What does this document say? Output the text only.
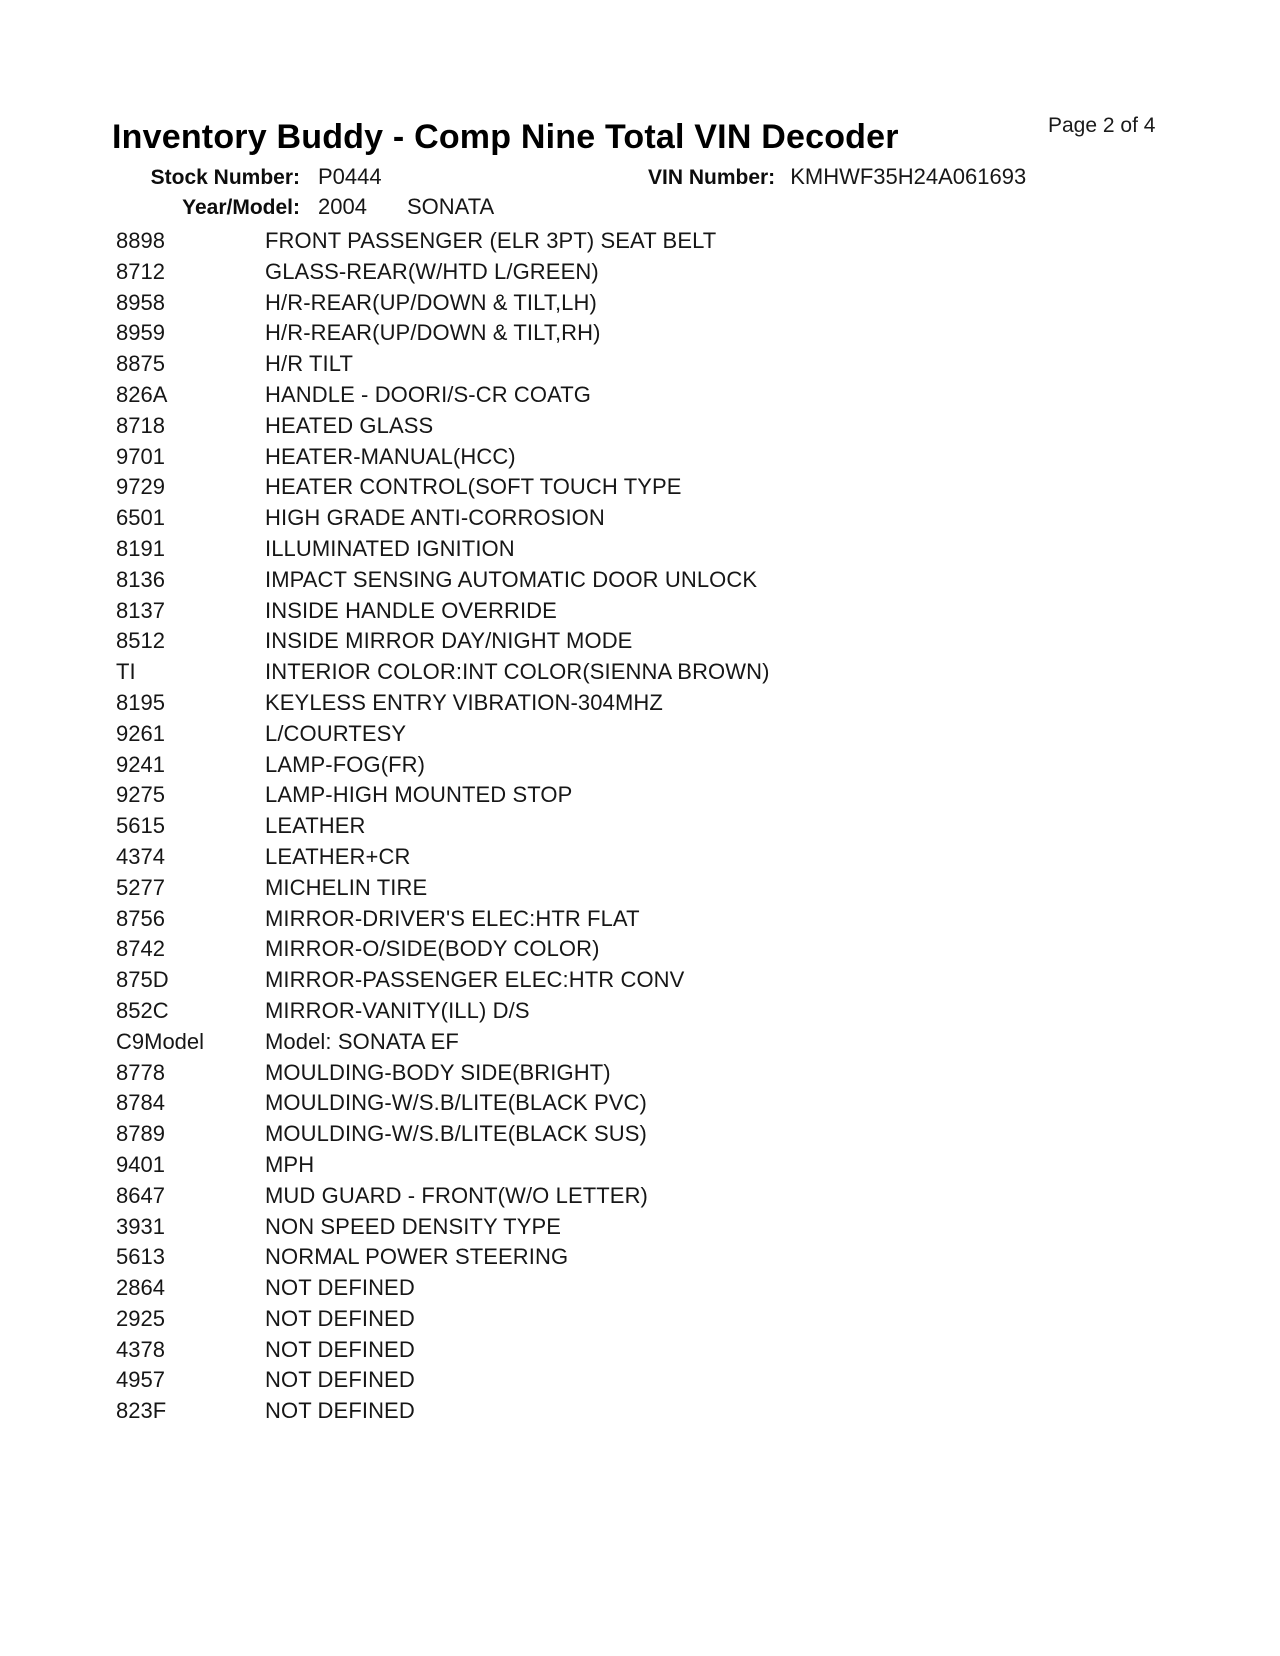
Inventory Buddy - Comp Nine Total VIN Decoder	Page 2 of 4
Stock Number: P0444	VIN Number: KMHWF35H24A061693
Year/Model: 2004 SONATA
8898	FRONT PASSENGER (ELR 3PT) SEAT BELT
8712	GLASS-REAR(W/HTD L/GREEN)
8958	H/R-REAR(UP/DOWN & TILT,LH)
8959	H/R-REAR(UP/DOWN & TILT,RH)
8875	H/R TILT
826A	HANDLE - DOORI/S-CR COATG
8718	HEATED GLASS
9701	HEATER-MANUAL(HCC)
9729	HEATER CONTROL(SOFT TOUCH TYPE
6501	HIGH GRADE ANTI-CORROSION
8191	ILLUMINATED IGNITION
8136	IMPACT SENSING AUTOMATIC DOOR UNLOCK
8137	INSIDE HANDLE OVERRIDE
8512	INSIDE MIRROR DAY/NIGHT MODE
TI	INTERIOR COLOR:INT COLOR(SIENNA BROWN)
8195	KEYLESS ENTRY VIBRATION-304MHZ
9261	L/COURTESY
9241	LAMP-FOG(FR)
9275	LAMP-HIGH MOUNTED STOP
5615	LEATHER
4374	LEATHER+CR
5277	MICHELIN TIRE
8756	MIRROR-DRIVER'S ELEC:HTR FLAT
8742	MIRROR-O/SIDE(BODY COLOR)
875D	MIRROR-PASSENGER ELEC:HTR CONV
852C	MIRROR-VANITY(ILL) D/S
C9Model	Model: SONATA EF
8778	MOULDING-BODY SIDE(BRIGHT)
8784	MOULDING-W/S.B/LITE(BLACK PVC)
8789	MOULDING-W/S.B/LITE(BLACK SUS)
9401	MPH
8647	MUD GUARD - FRONT(W/O LETTER)
3931	NON SPEED DENSITY TYPE
5613	NORMAL POWER STEERING
2864	NOT DEFINED
2925	NOT DEFINED
4378	NOT DEFINED
4957	NOT DEFINED
823F	NOT DEFINED
